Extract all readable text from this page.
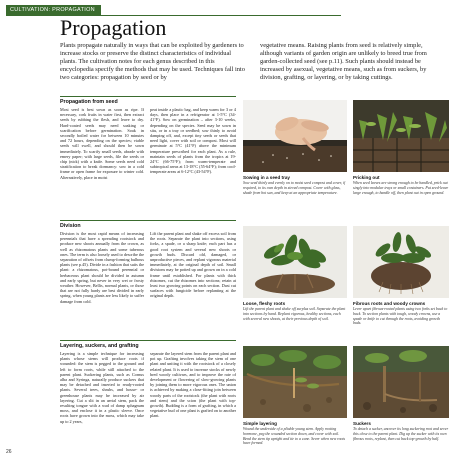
CULTIVATION: PROPAGATION
Propagation
Plants propagate naturally in ways that can be exploited by gardeners to increase stocks or preserve the distinct characteristics of individual plants. The cultivation notes for each genus described in this encyclopedia specify the methods that may be used. Techniques fall into two categories: propagation by seed or by
vegetative means. Raising plants from seed is relatively simple, although variants of garden origin are unlikely to breed true from garden-collected seed (see p.11). Such plants should instead be increased by asexual, vegetative means, such as from suckers, by division, grafting, or layering, or by taking cuttings.
Propagation from seed
Most seed is best sown as soon as ripe. If necessary, cork fruits in water first, then extract seeds by rubbing the flesh, and leave to dry. Hard-coated seeds may need soaking or scarification before germination. Soak in secondly boiled water for between 10 minutes and 72 hours, depending on the species; viable seeds will swell, and should then be sown immediately. To scarify small seeds, abrade with emery paper; with large seeds, file the seeds or chip (nick) with a knife. Some seeds need cold stratification to break dormancy: sow in a cold frame or open frame for exposure to winter cold. Alternatively, place in moist
peat inside a plastic bag, and keep warm for 3 or 4 days, then place in a refrigerator at 1-5°C (34-41°F). Sow on germination – after 3-10 weeks, depending on the species. Seed may be sown in situ, or in a tray or seedbed; sow thinly to avoid damping off, and, except tiny seeds or seeds that need light, cover with soil or compost. Most will germinate at 5°C (41°F) above the minimum temperature prescribed for each plant. As a rule, maintain seeds of plants from the tropics at 19-24°C (66-75°F); from warm-temperate and subtropical areas at 13-18°C (55-64°F); from cool-temperate areas at 6-12°C (43-54°F).
Division
Division is the most rapid means of increasing perennials that have a spreading rootstock and produce new shoots annually from the crown, as well as rhizomatous plants and some tuberous ones. The term is also loosely used to describe the separation of offsets from clump-forming bulbous plants (see p.45). Divide in a fashion that suits the plant: a rhizomatous, pot-bound perennial or herbaceous plant should be divided in autumn and early spring, but never in very wet or frosty weather. However, Bellis, normal plants, or those that are not fully hardy are best divided in early spring, when young plants are less likely to suffer damage from cold.
Lift the parent plant and shake off excess soil from the roots. Separate the plant into sections, using forks, a spade, or a sharp knife; each part has a good root system and several new shoots or growth buds. Discard old, damaged, or unproductive pieces, and replant vigorous material immediately, at the original depth of soil. Small divisions may be potted up and grown on in a cold frame until established. For plants with thick rhizomes, cut the rhizomes into sections; retain at least two growing points on each section. Dust cut surfaces with fungicide before replanting at the original depth.
Layering, suckers, and grafting
Layering is a simple technique for increasing plants whose stems will produce roots if wounded: the stem is pegged to the ground and left to form roots, while still attached to the parent plant. Suckering plants, such as Cornus alba and Syringa, naturally produce suckers that may be detached and inserted to ready-rooted plants. Several trees, shrubs, and house- or greenhouse plants may be increased by air layering. Cut a slit in an aerial stem, pack the resulting tongue with a wad of damp sphagnum moss, and enclose it in a plastic sleeve. Once roots have grown into the moss, which may take up to 2 years,
separate the layered stem from the parent plant and pot up. Grafting involves taking the stem of one plant and uniting it with the rootstock of a closely related plant. It is used to increase stocks of newly bred woody cultivars, and to improve the rate of development or flowering of slow-growing plants by joining them to more vigorous ones. The union is achieved by making a close-fitting join between woody parts of the rootstock (the plant with roots and stem) and the scion (the plant with top-growth). Budding is a form of grafting, in which a vegetative bud of one plant is grafted on to another plant.
Sowing in a seed tray
Sow seed thinly and evenly on to moist seed compost and cover, if required, to its own depth in sieved compost. Cover with glass, shade from hot sun, and keep at an appropriate temperature.
Pricking out
When seed leaves are strong enough to be handled, prick out singly into modular trays or small containers. Put seed-leave large enough, to handle off, then plant out in open ground.
Loose, fleshy roots
Lift the parent plant and shake off surplus soil. Separate the plant into sections by hand. Replant vigorous, healthy sections, each with several new shoots, at their previous depth of soil.
Fibrous roots and woody crowns
Lever apart fibrous-rooted plants using two forks set back to back. To section plants with tough, woody crowns, use a spade or knife to cut through the roots, avoiding growth buds.
Simple layering
Wound the underside of a pliable young stem. Apply rooting hormone, peg the wounded section down, and cover with soil. Bend the stem tip upright and tie to a cane. Sever when new roots have formed.
Suckers
To detach a sucker, uncover its long suckering root and sever this close to the parent plant. Dig up the sucker with its own fibrous roots, replant, then cut back top-growth by half.
26
